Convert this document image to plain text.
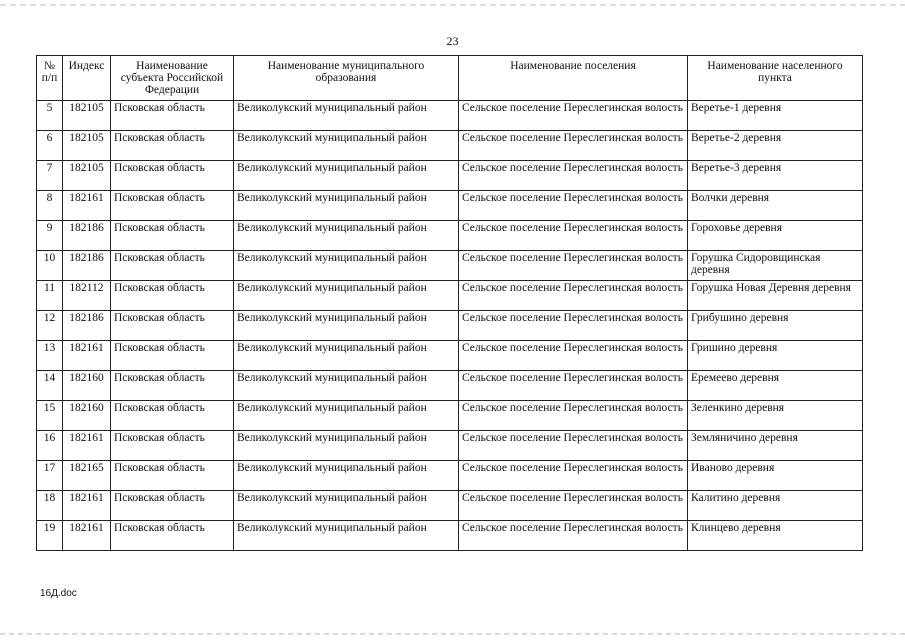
23
№ п/п	Индекс	Наименование субъекта Российской Федерации	Наименование муниципального образования	Наименование поселения	Наименование населенного пункта
5	182105	Псковская область	Великолукский муниципальный район	Сельское поселение Переслегинская волость	Веретье-1 деревня
6	182105	Псковская область	Великолукский муниципальный район	Сельское поселение Переслегинская волость	Веретье-2 деревня
7	182105	Псковская область	Великолукский муниципальный район	Сельское поселение Переслегинская волость	Веретье-3 деревня
8	182161	Псковская область	Великолукский муниципальный район	Сельское поселение Переслегинская волость	Волчки деревня
9	182186	Псковская область	Великолукский муниципальный район	Сельское поселение Переслегинская волость	Гороховье деревня
10	182186	Псковская область	Великолукский муниципальный район	Сельское поселение Переслегинская волость	Горушка Сидоровщинская деревня
11	182112	Псковская область	Великолукский муниципальный район	Сельское поселение Переслегинская волость	Горушка Новая Деревня деревня
12	182186	Псковская область	Великолукский муниципальный район	Сельское поселение Переслегинская волость	Грибушино деревня
13	182161	Псковская область	Великолукский муниципальный район	Сельское поселение Переслегинская волость	Гришино деревня
14	182160	Псковская область	Великолукский муниципальный район	Сельское поселение Переслегинская волость	Еремеево деревня
15	182160	Псковская область	Великолукский муниципальный район	Сельское поселение Переслегинская волость	Зеленкино деревня
16	182161	Псковская область	Великолукский муниципальный район	Сельское поселение Переслегинская волость	Земляничино деревня
17	182165	Псковская область	Великолукский муниципальный район	Сельское поселение Переслегинская волость	Иваново деревня
18	182161	Псковская область	Великолукский муниципальный район	Сельское поселение Переслегинская волость	Калитино деревня
19	182161	Псковская область	Великолукский муниципальный район	Сельское поселение Переслегинская волость	Клинцево деревня
16Д.doc
